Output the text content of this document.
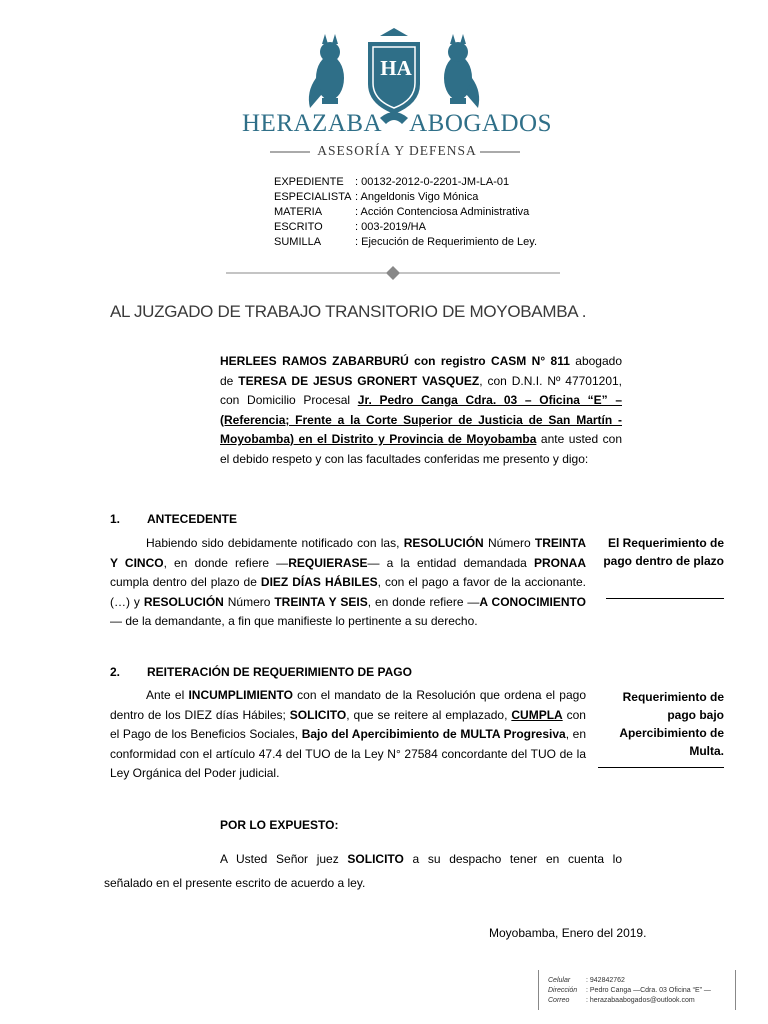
HA
HERAZABA ABOGADOS
ASESORÍA Y DEFENSA
EXPEDIENTE	: 00132-2012-0-2201-JM-LA-01
ESPECIALISTA : Angeldonis Vigo Mónica
MATERIA	: Acción Contenciosa Administrativa
ESCRITO	: 003-2019/HA
SUMILLA	: Ejecución de Requerimiento de Ley.
AL JUZGADO DE TRABAJO TRANSITORIO DE MOYOBAMBA .
HERLEES RAMOS ZABARBURÚ con registro CASM N° 811 abogado de TERESA DE JESUS GRONERT VASQUEZ, con D.N.I. Nº 47701201, con Domicilio Procesal Jr. Pedro Canga Cdra. 03 – Oficina “E” – (Referencia; Frente a la Corte Superior de Justicia de San Martín - Moyobamba) en el Distrito y Provincia de Moyobamba ante usted con el debido respeto y con las facultades conferidas me presento y digo:
1. ANTECEDENTE
Habiendo sido debidamente notificado con las, RESOLUCIÓN Número TREINTA Y CINCO, en donde refiere —REQUIERASE— a la entidad demandada PRONAA cumpla dentro del plazo de DIEZ DÍAS HÁBILES, con el pago a favor de la accionante. (…) y RESOLUCIÓN Número TREINTA Y SEIS, en donde refiere —A CONOCIMIENTO— de la demandante, a fin que manifieste lo pertinente a su derecho.
El Requerimiento de pago dentro de plazo
2. REITERACIÓN DE REQUERIMIENTO DE PAGO
Ante el INCUMPLIMIENTO con el mandato de la Resolución que ordena el pago dentro de los DIEZ días Hábiles; SOLICITO, que se reitere al emplazado, CUMPLA con el Pago de los Beneficios Sociales, Bajo del Apercibimiento de MULTA Progresiva, en conformidad con el artículo 47.4 del TUO de la Ley N° 27584 concordante del TUO de la Ley Orgánica del Poder judicial.
Requerimiento de pago bajo Apercibimiento de Multa.
POR LO EXPUESTO:
A Usted Señor juez SOLICITO a su despacho tener en cuenta lo
señalado en el presente escrito de acuerdo a ley.
Moyobamba, Enero del 2019.
Celular : 942842762
Dirección : Pedro Canga —Cdra. 03 Oficina “E” —
Correo : herazabaabogados@outlook.com
